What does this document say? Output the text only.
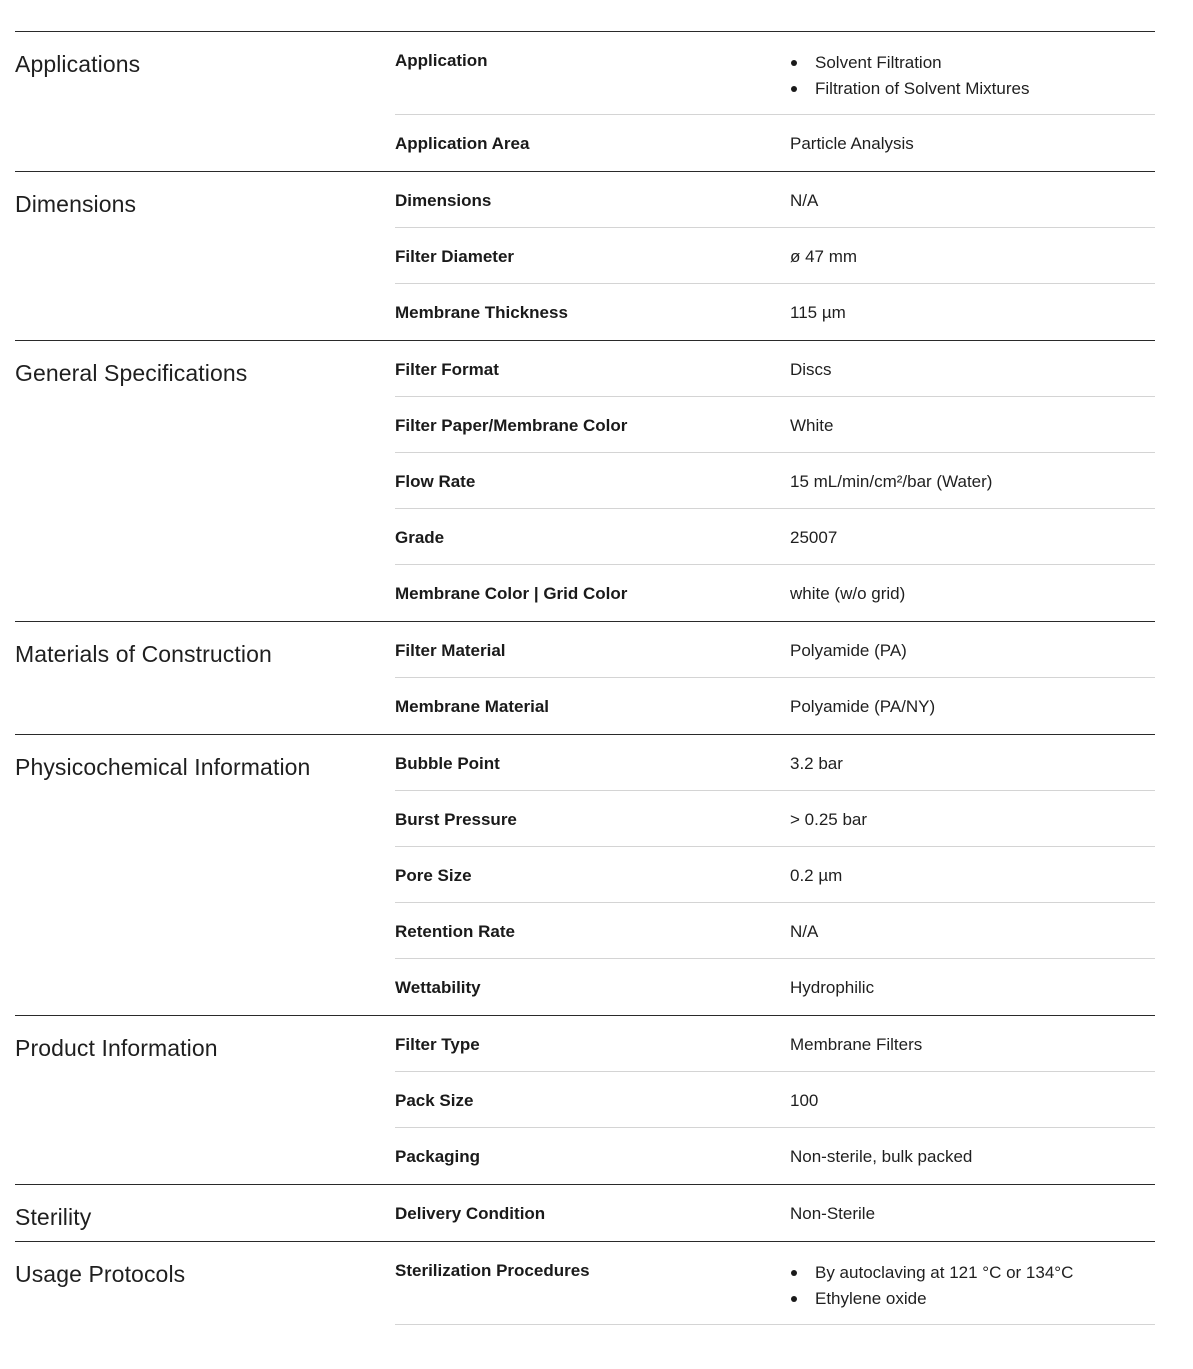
Applications	Application	Solvent Filtration
Filtration of Solvent Mixtures
Application Area	Particle Analysis
Dimensions	Dimensions	N/A
Filter Diameter	ø 47 mm
Membrane Thickness	115 µm
General Specifications	Filter Format	Discs
Filter Paper/Membrane Color	White
Flow Rate	15 mL/min/cm²/bar (Water)
Grade	25007
Membrane Color | Grid Color	white (w/o grid)
Materials of Construction	Filter Material	Polyamide (PA)
Membrane Material	Polyamide (PA/NY)
Physicochemical Information	Bubble Point	3.2 bar
Burst Pressure	> 0.25 bar
Pore Size	0.2 µm
Retention Rate	N/A
Wettability	Hydrophilic
Product Information	Filter Type	Membrane Filters
Pack Size	100
Packaging	Non-sterile, bulk packed
Sterility	Delivery Condition	Non-Sterile
Usage Protocols	Sterilization Procedures	By autoclaving at 121 °C or 134°C
Ethylene oxide
